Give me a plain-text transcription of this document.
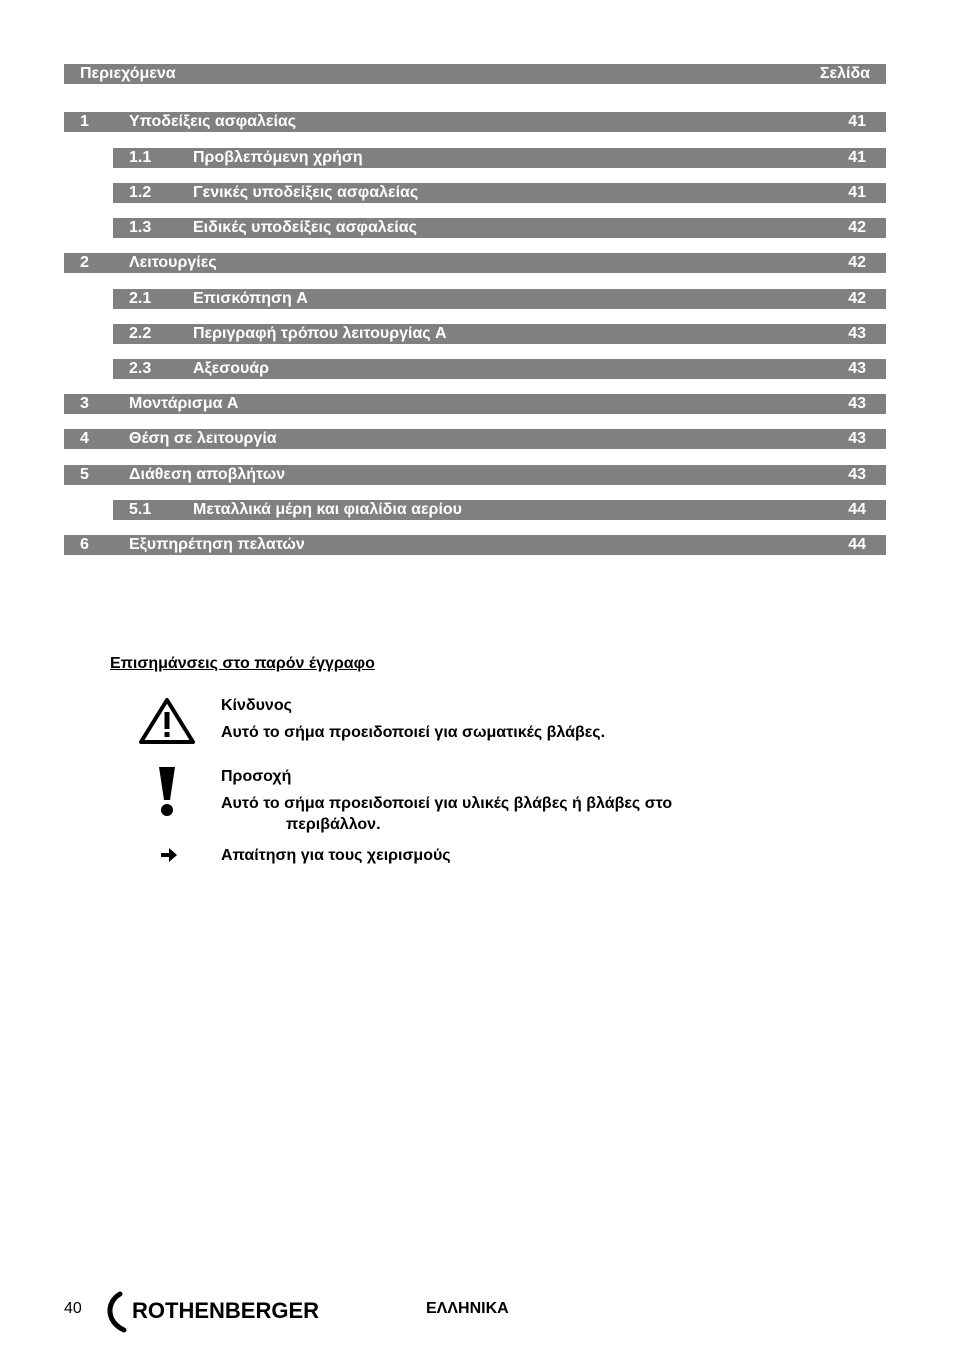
Περιεχόμενα	Σελίδα
1	Υποδείξεις ασφαλείας	41
1.1	Προβλεπόμενη χρήση	41
1.2	Γενικές υποδείξεις ασφαλείας	41
1.3	Ειδικές υποδείξεις ασφαλείας	42
2	Λειτουργίες	42
2.1	Επισκόπηση A	42
2.2	Περιγραφή τρόπου λειτουργίας A	43
2.3	Αξεσουάρ	43
3	Μοντάρισμα A	43
4	Θέση σε λειτουργία	43
5	Διάθεση αποβλήτων	43
5.1	Μεταλλικά μέρη και φιαλίδια αερίου	44
6	Εξυπηρέτηση πελατών	44
Επισημάνσεις στο παρόν έγγραφο
Κίνδυνος
Αυτό το σήμα προειδοποιεί για σωματικές βλάβες.
Προσοχή
Αυτό το σήμα προειδοποιεί για υλικές βλάβες ή βλάβες στο
περιβάλλον.
Απαίτηση για τους χειρισμούς
40 ROTHENBERGER	ΕΛΛΗΝΙΚΑ
